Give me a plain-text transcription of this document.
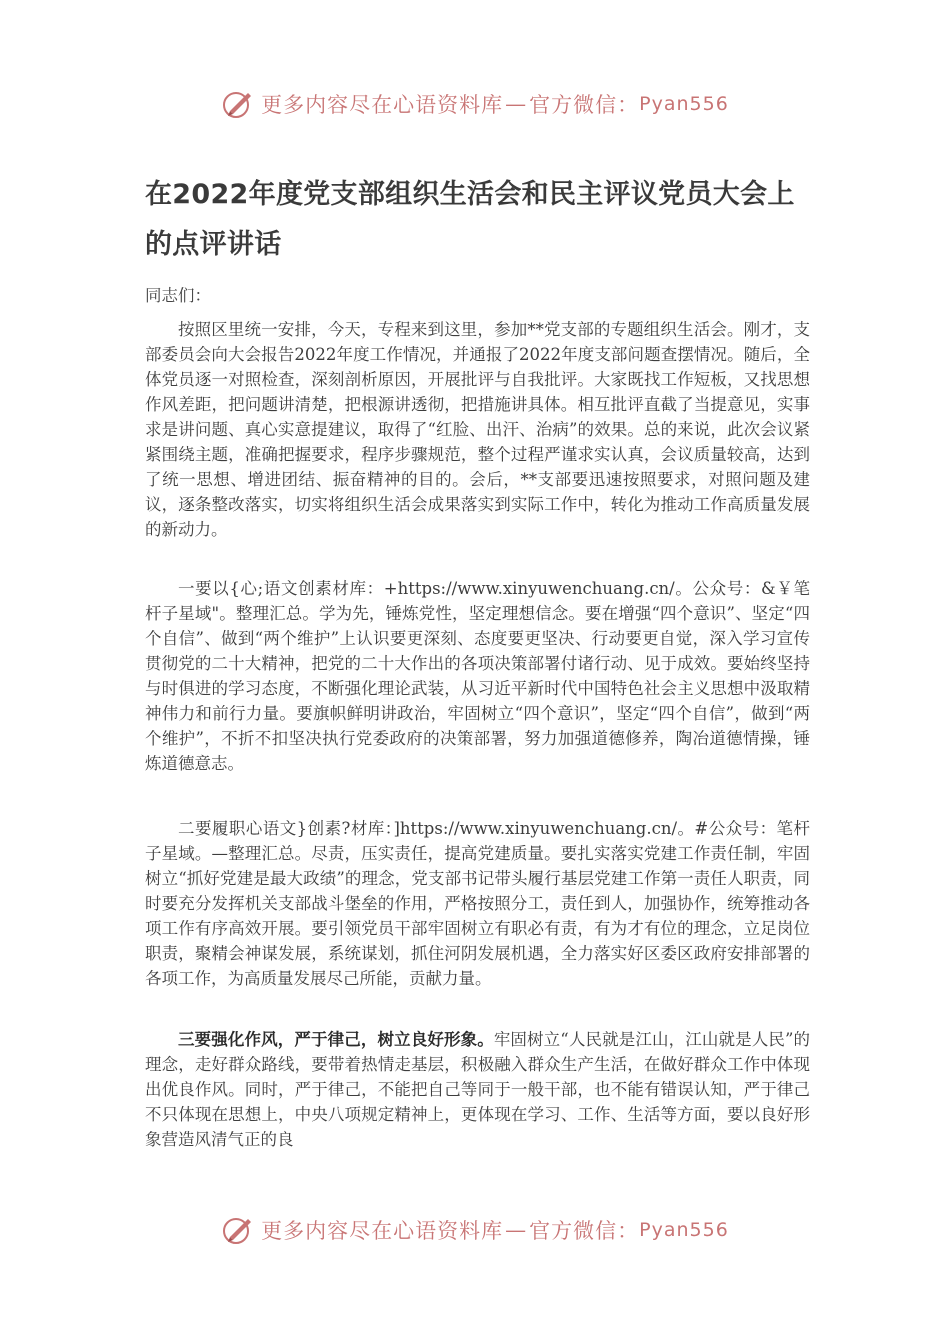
更多内容尽在心语资料库 — 官方微信： Pyan556
在2022年度党支部组织生活会和民主评议党员大会上的点评讲话

同志们：

按照区里统一安排，今天，专程来到这里，参加**党支部的专题组织生活会。刚才，支部委员会向大会报告2022年度工作情况，并通报了2022年度支部问题查摆情况。随后，全体党员逐一对照检查，深刻剖析原因，开展批评与自我批评。大家既找工作短板，又找思想作风差距，把问题讲清楚，把根源讲透彻，把措施讲具体。相互批评直截了当提意见，实事求是讲问题、真心实意提建议，取得了“红脸、出汗、治病”的效果。总的来说，此次会议紧紧围绕主题，准确把握要求，程序步骤规范，整个过程严谨求实认真，会议质量较高，达到了统一思想、增进团结、振奋精神的目的。会后，**支部要迅速按照要求，对照问题及建议，逐条整改落实，切实将组织生活会成果落实到实际工作中，转化为推动工作高质量发展的新动力。

一要以{心;语文创素材库：+https://www.xinyuwenchuang.cn/。公众号：&￥笔杆子星域"。整理汇总。学为先，锤炼党性，坚定理想信念。要在增强“四个意识”、坚定“四个自信”、做到“两个维护”上认识要更深刻、态度要更坚决、行动要更自觉，深入学习宣传贯彻党的二十大精神，把党的二十大作出的各项决策部署付诸行动、见于成效。要始终坚持与时俱进的学习态度，不断强化理论武装，从习近平新时代中国特色社会主义思想中汲取精神伟力和前行力量。要旗帜鲜明讲政治，牢固树立“四个意识”，坚定“四个自信”，做到“两个维护”，不折不扣坚决执行党委政府的决策部署，努力加强道德修养，陶冶道德情操，锤炼道德意志。

二要履职心语文}创素?材库：]https://www.xinyuwenchuang.cn/。#公众号：笔杆子星域。—整理汇总。尽责，压实责任，提高党建质量。要扎实落实党建工作责任制，牢固树立“抓好党建是最大政绩”的理念，党支部书记带头履行基层党建工作第一责任人职责，同时要充分发挥机关支部战斗堡垒的作用，严格按照分工，责任到人，加强协作，统筹推动各项工作有序高效开展。要引领党员干部牢固树立有职必有责，有为才有位的理念，立足岗位职责，聚精会神谋发展，系统谋划，抓住河阴发展机遇，全力落实好区委区政府安排部署的各项工作，为高质量发展尽己所能，贡献力量。

三要强化作风，严于律己，树立良好形象。牢固树立“人民就是江山，江山就是人民”的理念，走好群众路线，要带着热情走基层，积极融入群众生产生活，在做好群众工作中体现出优良作风。同时，严于律己，不能把自己等同于一般干部，也不能有错误认知，严于律己不只体现在思想上，中央八项规定精神上，更体现在学习、工作、生活等方面，要以良好形象营造风清气正的良

更多内容尽在心语资料库 — 官方微信： Pyan556
